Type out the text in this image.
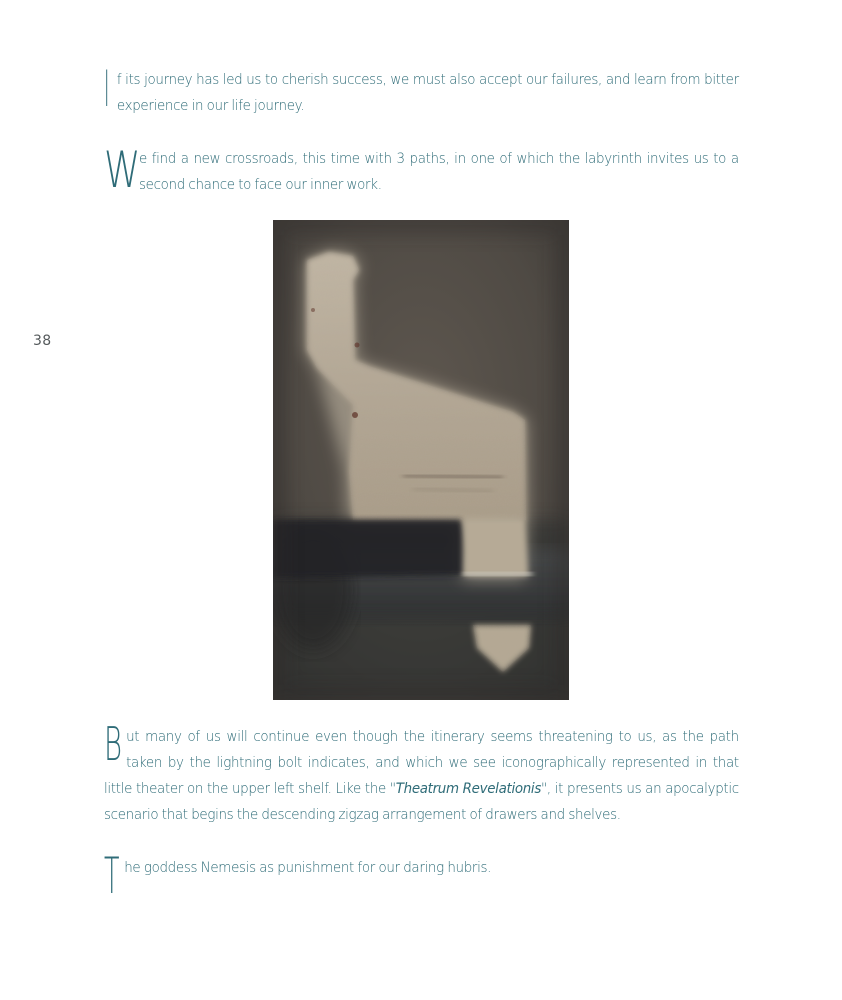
38
If its journey has led us to cherish success, we must also accept our failures, and learn from bitter experience in our life journey.
W
e find a new crossroads, this time with 3 paths, in one of which the labyrinth invites us to a second chance to face our inner work.
But many of us will continue even though the itinerary seems threatening to us, as the path taken by the lightning bolt indicates, and which we see iconographically represented in that little theater on the upper left shelf. Like the "Theatrum Revelationis", it presents us an apocalyptic scenario that begins the descending zigzag arrangement of drawers and shelves.
The goddess Nemesis as punishment for our daring hubris.
